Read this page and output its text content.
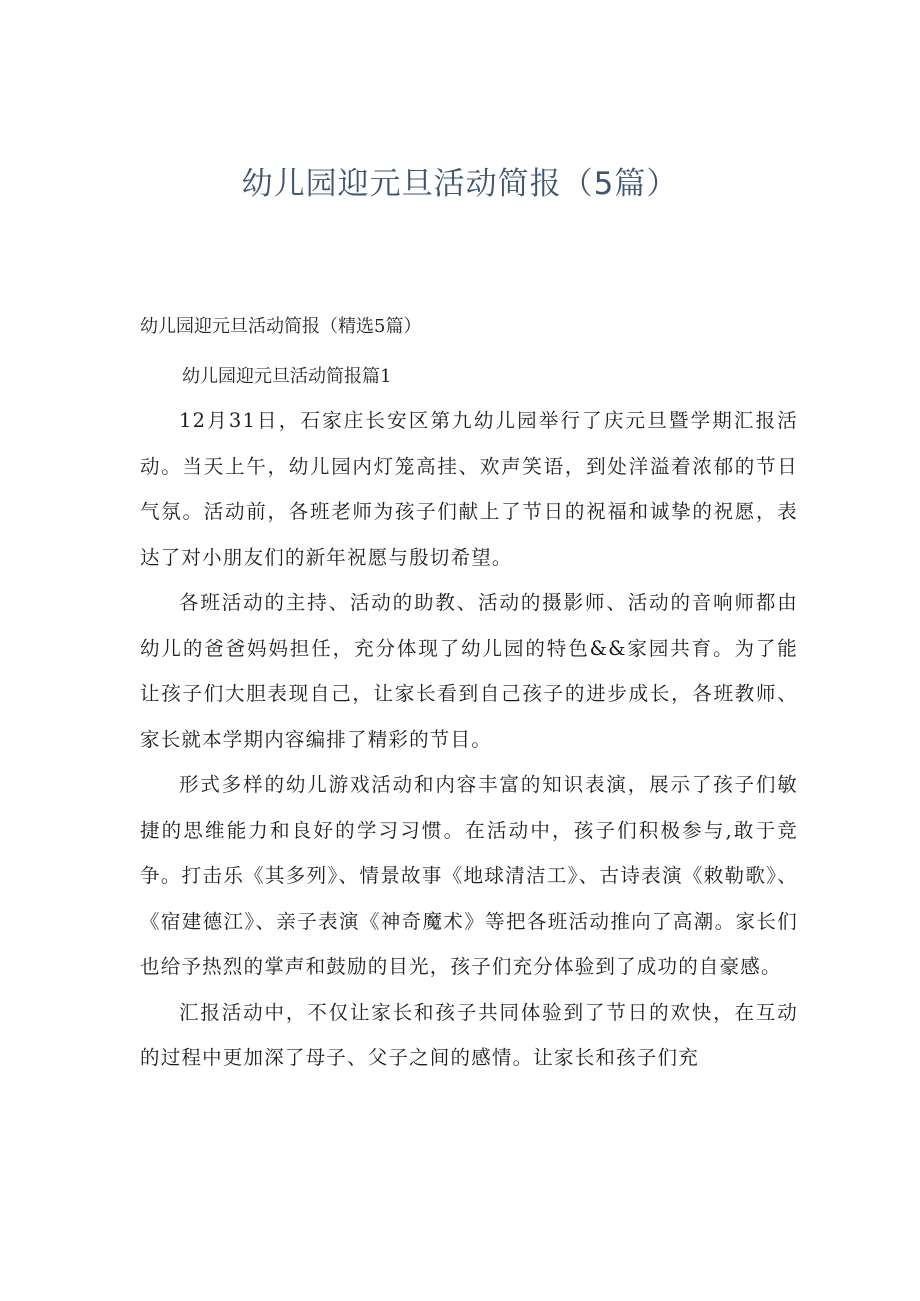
幼儿园迎元旦活动简报（5篇）

幼儿园迎元旦活动简报（精选5篇）

幼儿园迎元旦活动简报篇1

12月31日，石家庄长安区第九幼儿园举行了庆元旦暨学期汇报活动。当天上午，幼儿园内灯笼高挂、欢声笑语，到处洋溢着浓郁的节日气氛。活动前，各班老师为孩子们献上了节日的祝福和诚挚的祝愿，表达了对小朋友们的新年祝愿与殷切希望。

各班活动的主持、活动的助教、活动的摄影师、活动的音响师都由幼儿的爸爸妈妈担任，充分体现了幼儿园的特色&&家园共育。为了能让孩子们大胆表现自己，让家长看到自己孩子的进步成长，各班教师、家长就本学期内容编排了精彩的节目。

形式多样的幼儿游戏活动和内容丰富的知识表演，展示了孩子们敏捷的思维能力和良好的学习习惯。在活动中，孩子们积极参与,敢于竞争。打击乐《其多列》、情景故事《地球清洁工》、古诗表演《敕勒歌》、《宿建德江》、亲子表演《神奇魔术》等把各班活动推向了高潮。家长们也给予热烈的掌声和鼓励的目光，孩子们充分体验到了成功的自豪感。

汇报活动中，不仅让家长和孩子共同体验到了节日的欢快，在互动的过程中更加深了母子、父子之间的感情。让家长和孩子们充
